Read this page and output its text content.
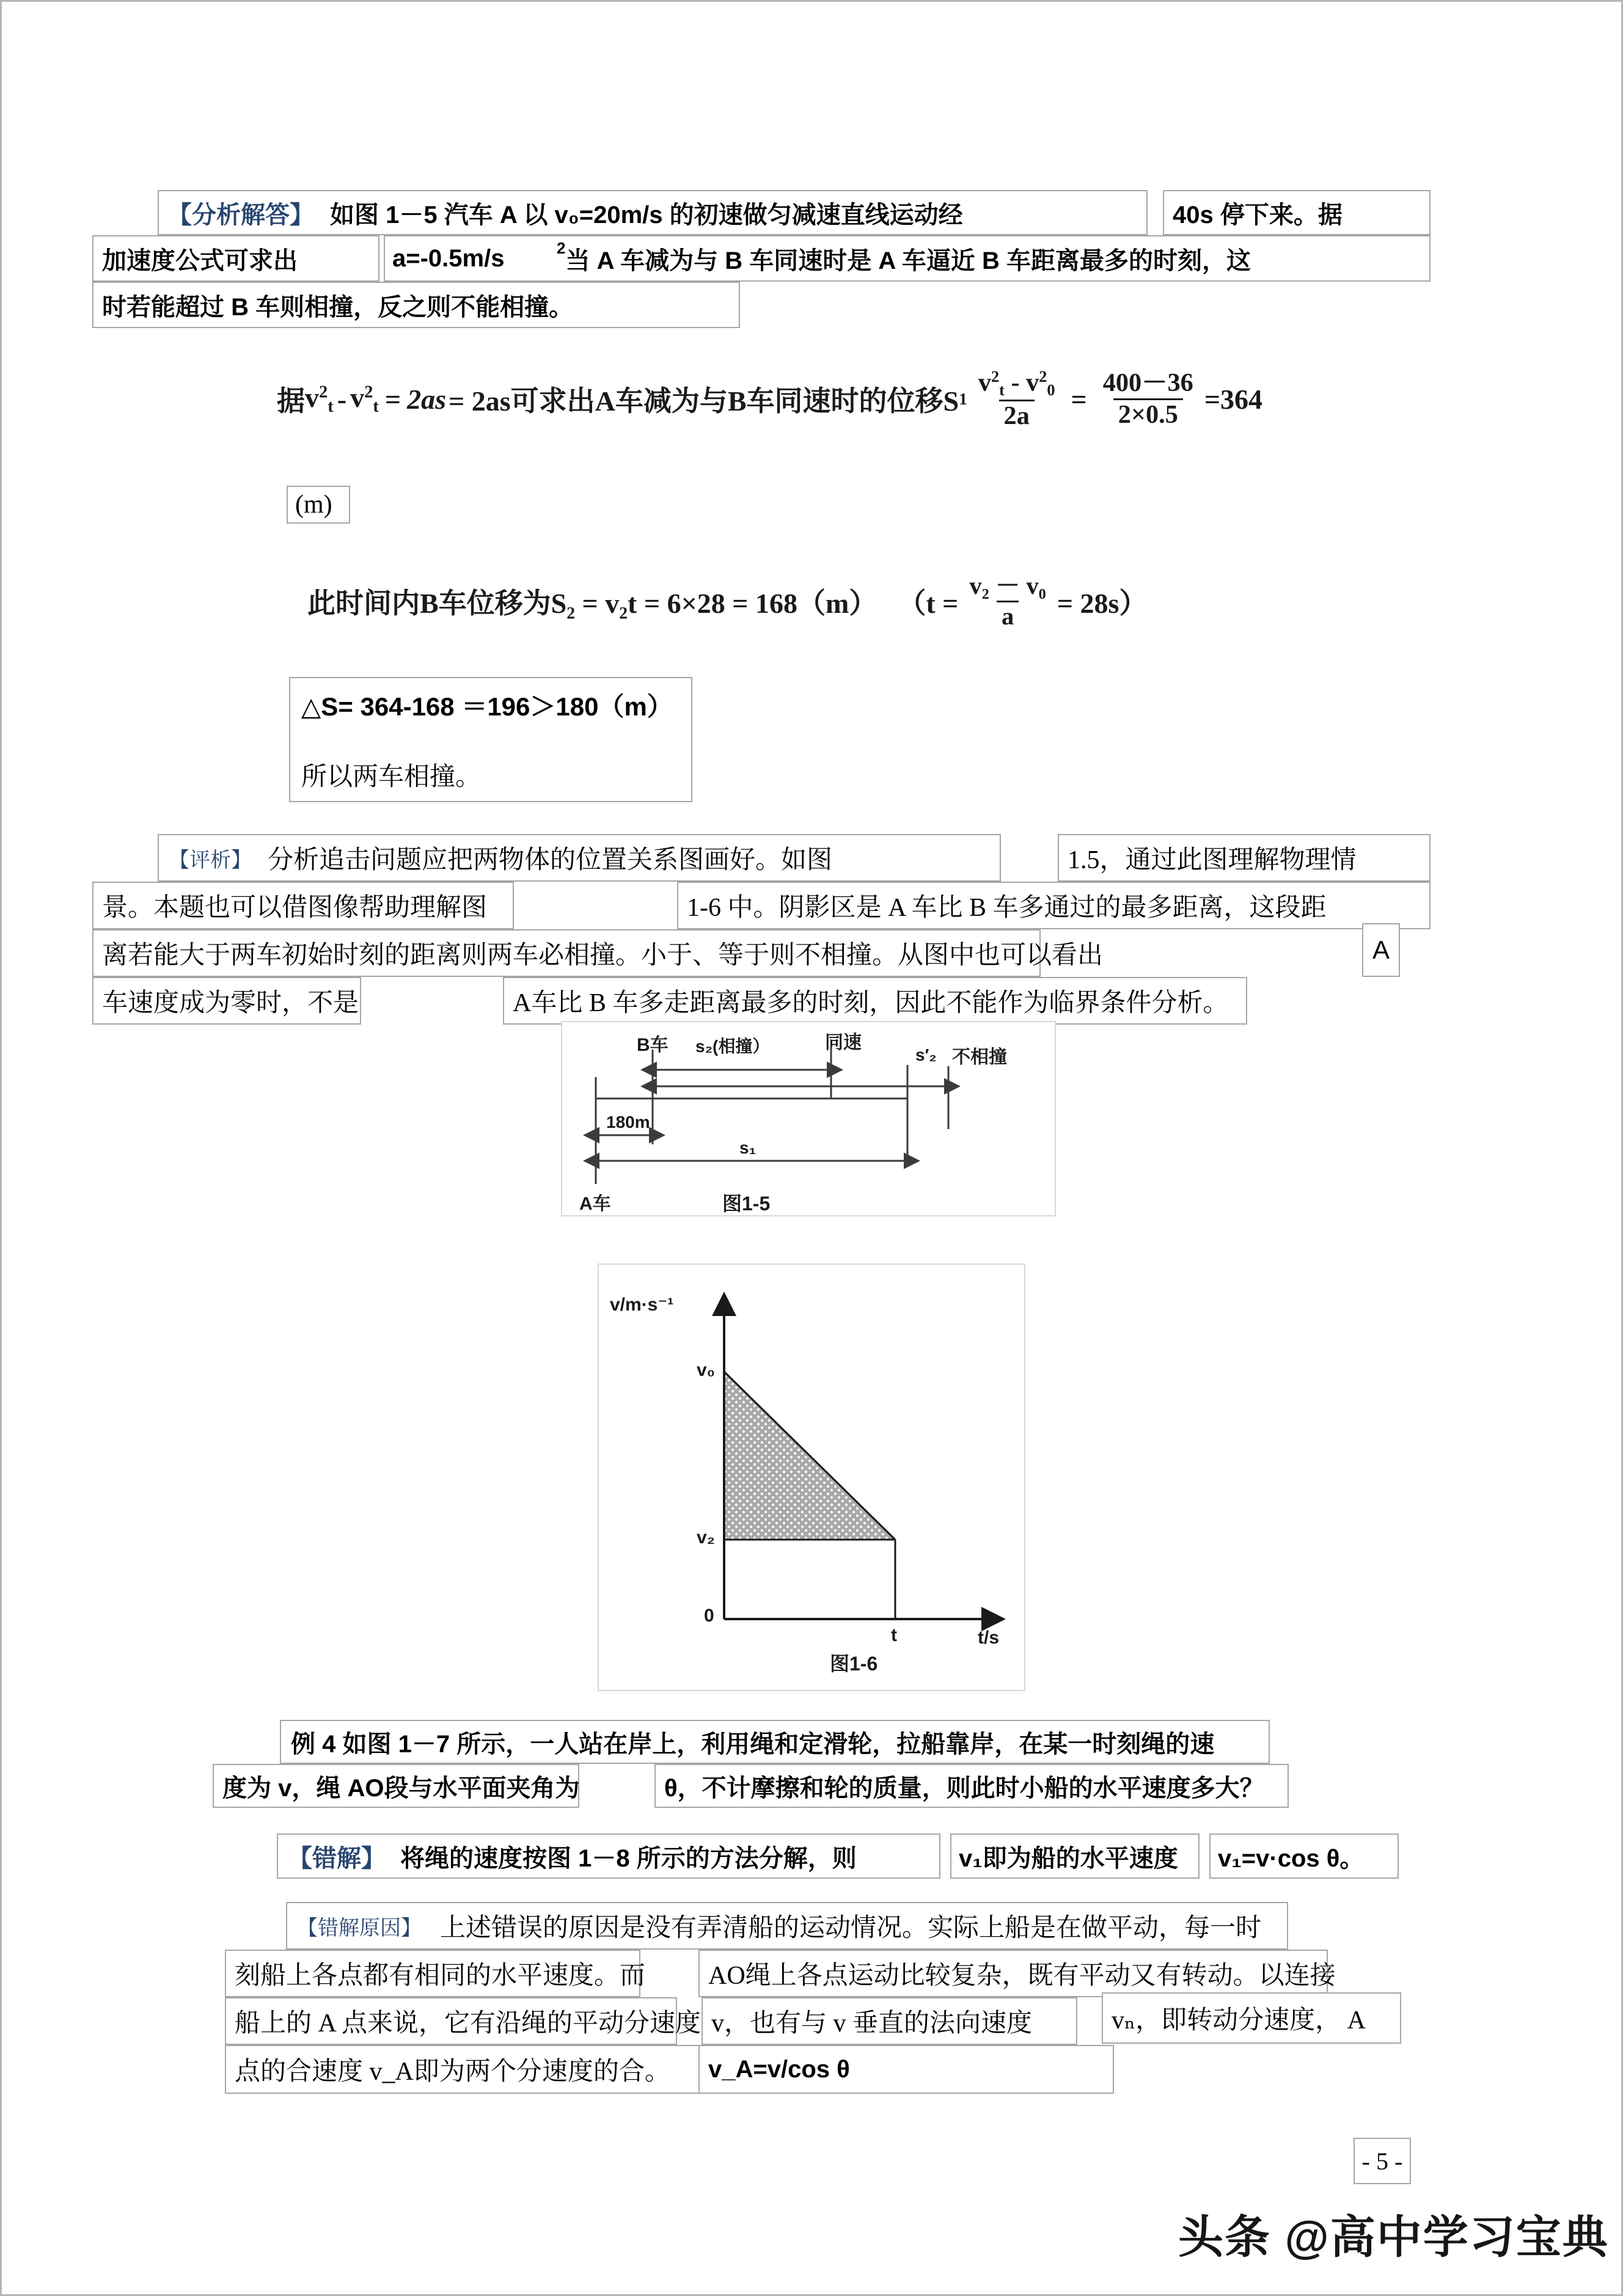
【分析解答】 如图 1－5 汽车 A 以 v₀=20m/s 的初速做匀减速直线运动经	40s 停下来。据
加速度公式可求出	a=-0.5m/s	2 当 A 车减为与 B 车同速时是 A 车逼近 B 车距离最多的时刻，这
时若能超过 B 车则相撞，反之则不能相撞。
据 $v^2_t - v^2_t = 2as = 2as$可求出A车减为与B车同速时的位移S $1 \frac{v^2_t - v^2_0}{2a} = \frac{400-36}{2\times 0.5} =364$
(m)
此时间内B车位移为S₂ = v₂t = 6×28 = 168（m） $(t = \frac{\text{v₂ － v₀}}{a} = 28s)$
△S= 364-168 ＝196＞180（m）
所以两车相撞。
【评析】 分析追击问题应把两物体的位置关系图画好。如图	1.5，通过此图理解物理情
景。本题也可以借图像帮助理解图	1-6 中。阴影区是 A 车比 B 车多通过的最多距离，这段距
离若能大于两车初始时刻的距离则两车必相撞。小于、等于则不相撞。从图中也可以看出	A
车速度成为零时，不是	A车比 B 车多走距离最多的时刻，因此不能作为临界条件分析。
B车 s₂(相撞）	同速
s′₂ 不相撞
180m
s₁
A车	图1-5
v/m·s⁻¹
v₀
v₂
0
t	t/s
图1-6
例 4 如图 1－7 所示，一人站在岸上，利用绳和定滑轮，拉船靠岸，在某一时刻绳的速
度为 v，绳 AO段与水平面夹角为	θ，不计摩擦和轮的质量，则此时小船的水平速度多大？
【错解】 将绳的速度按图 1－8 所示的方法分解，则	v₁即为船的水平速度 v₁=v·cos θ。
【错解原因】 上述错误的原因是没有弄清船的运动情况。实际上船是在做平动，每一时
刻船上各点都有相同的水平速度。而 AO绳上各点运动比较复杂，既有平动又有转动。以连接
船上的 A 点来说，它有沿绳的平动分速度 v，也有与 v 垂直的法向速度	vₙ，即转动分速度， A
点的合速度 v_A即为两个分速度的合。 v_A=v/cos θ
- 5 -
头条 @高中学习宝典
